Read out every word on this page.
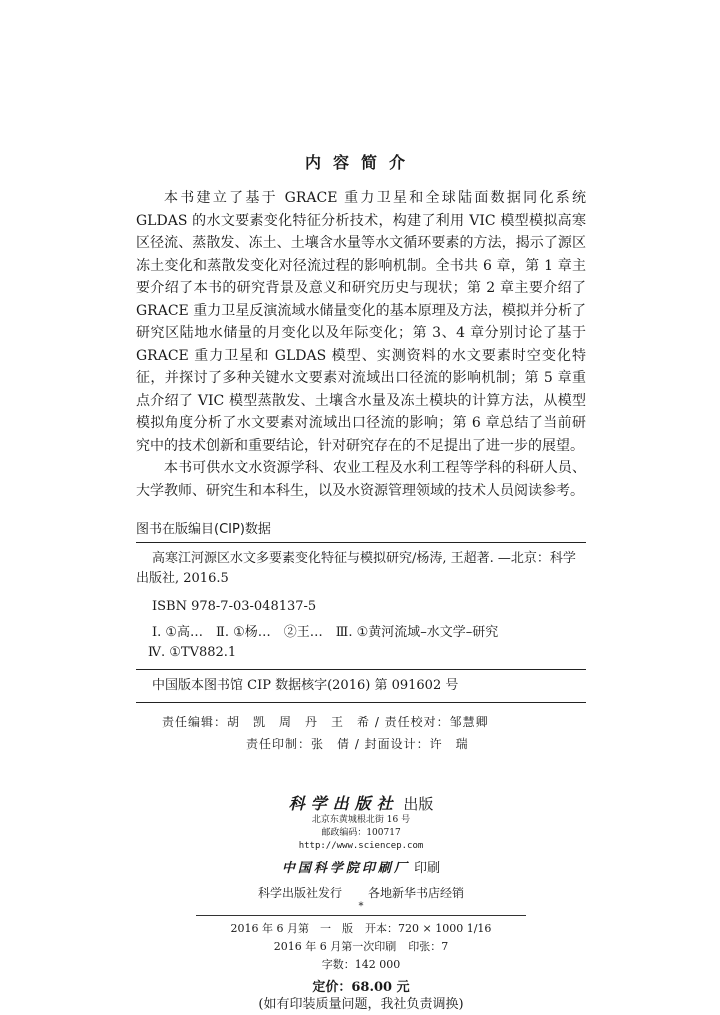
内容简介

本书建立了基于 GRACE 重力卫星和全球陆面数据同化系统 GLDAS 的水文要素变化特征分析技术，构建了利用 VIC 模型模拟高寒区径流、蒸散发、冻土、土壤含水量等水文循环要素的方法，揭示了源区冻土变化和蒸散发变化对径流过程的影响机制。全书共 6 章，第 1 章主要介绍了本书的研究背景及意义和研究历史与现状；第 2 章主要介绍了 GRACE 重力卫星反演流域水储量变化的基本原理及方法，模拟并分析了研究区陆地水储量的月变化以及年际变化；第 3、4 章分别讨论了基于 GRACE 重力卫星和 GLDAS 模型、实测资料的水文要素时空变化特征，并探讨了多种关键水文要素对流域出口径流的影响机制；第 5 章重点介绍了 VIC 模型蒸散发、土壤含水量及冻土模块的计算方法，从模型模拟角度分析了水文要素对流域出口径流的影响；第 6 章总结了当前研究中的技术创新和重要结论，针对研究存在的不足提出了进一步的展望。

本书可供水文水资源学科、农业工程及水利工程等学科的科研人员、大学教师、研究生和本科生，以及水资源管理领域的技术人员阅读参考。

图书在版编目(CIP)数据
高寒江河源区水文多要素变化特征与模拟研究/杨涛, 王超著. —北京：科学出版社, 2016.5
ISBN 978-7-03-048137-5
Ⅰ. ①高…　Ⅱ. ①杨…　②王…　Ⅲ. ①黄河流域–水文学–研究
Ⅳ. ①TV882.1
中国版本图书馆 CIP 数据核字(2016) 第 091602 号
责任编辑：胡　凯　周　丹　王　希 / 责任校对：邹慧卿
责任印制：张　倩 / 封面设计：许　瑞
科学出版社 出版
北京东黄城根北街 16 号
邮政编码：100717
http://www.sciencep.com
中国科学院印刷厂 印刷
科学出版社发行 各地新华书店经销
*
2016 年 6 月第　一　版 开本：720 × 1000 1/16
2016 年 6 月第一次印刷 印张：7
字数：142 000
定价：68.00 元
(如有印装质量问题，我社负责调换)
